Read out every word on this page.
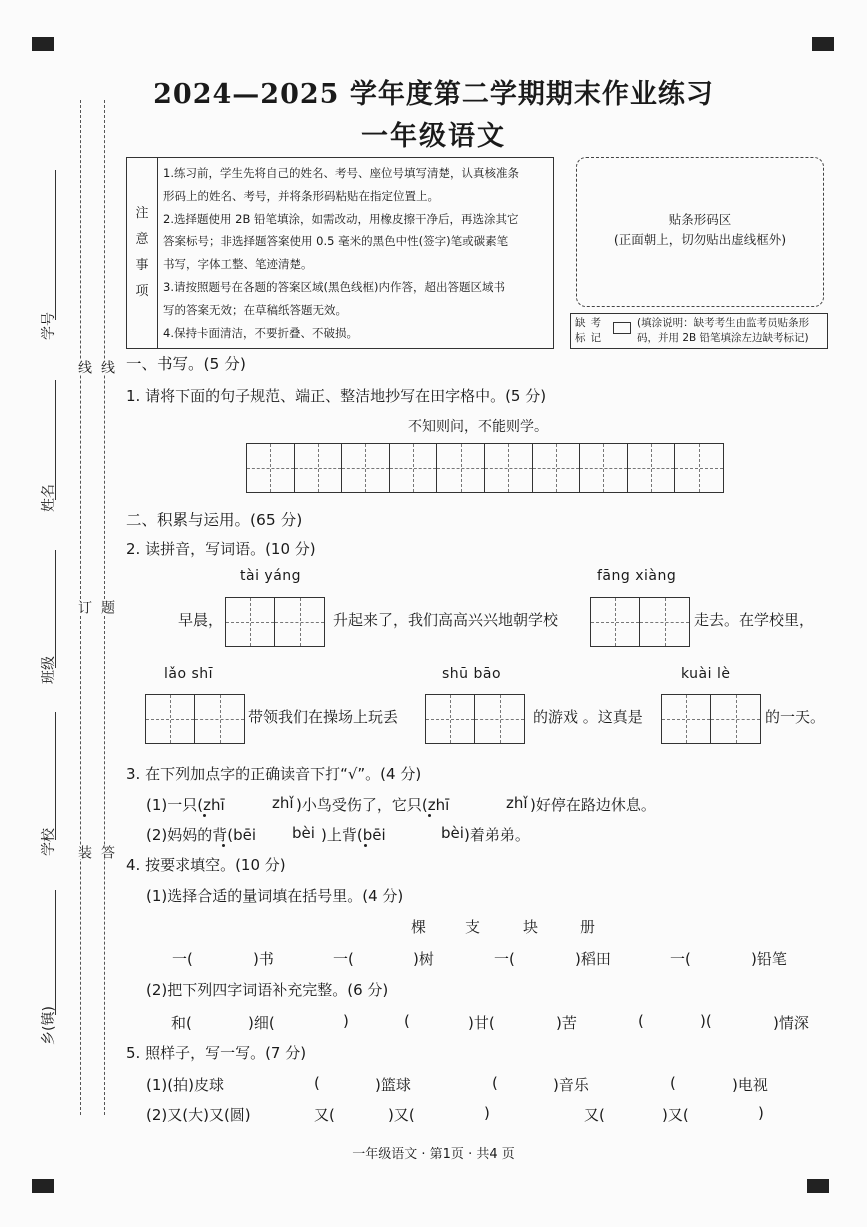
学号
姓名
班级
学校
乡(镇)
线
订
装
线
题
答
2024—2025 学年度第二学期期末作业练习
一年级语文
注
意
事
项
1.练习前，学生先将自己的姓名、考号、座位号填写清楚，认真核准条
形码上的姓名、考号，并将条形码粘贴在指定位置上。
2.选择题使用 2B 铅笔填涂，如需改动，用橡皮擦干净后，再选涂其它
答案标号；非选择题答案使用 0.5 毫米的黑色中性(签字)笔或碳素笔
书写，字体工整、笔迹清楚。
3.请按照题号在各题的答案区域(黑色线框)内作答，超出答题区域书
写的答案无效；在草稿纸答题无效。
4.保持卡面清洁，不要折叠、不破损。
贴条形码区
(正面朝上，切勿贴出虚线框外)
缺考标记
(填涂说明：缺考考生由监考员贴条形码，并用 2B 铅笔填涂左边缺考标记)
一、书写。(5 分)
1. 请将下面的句子规范、端正、整洁地抄写在田字格中。(5 分)
不知则问，不能则学。
二、积累与运用。(65 分)
2. 读拼音，写词语。(10 分)
tài yáng	fāng xiàng
早晨，	升起来了，我们高高兴兴地朝学校	走去。在学校里，
lǎo shī	shū bāo	kuài lè
带领我们在操场上玩丢	的游戏 。这真是	的一天。
3. 在下列加点字的正确读音下打“√”。(4 分)
(1)一只(zhī	zhǐ )小鸟受伤了，它只(zhī	zhǐ )好停在路边休息。
(2)妈妈的背(bēi bèi )上背(bēi	bèi )着弟弟。
4. 按要求填空。(10 分)
(1)选择合适的量词填在括号里。(4 分)
棵	支	块	册
一(	)书	一(	)树	一(	)稻田	一(	)铅笔
(2)把下列四字词语补充完整。(6 分)
和(	)细(	)	(	)甘(	)苦	(	)(	)情深
5. 照样子，写一写。(7 分)
(1)(拍)皮球	(	)篮球	(	)音乐	(	)电视
(2)又(大)又(圆)	又(	)又(	)	又(	)又(	)
一年级语文 · 第1页 · 共4 页
